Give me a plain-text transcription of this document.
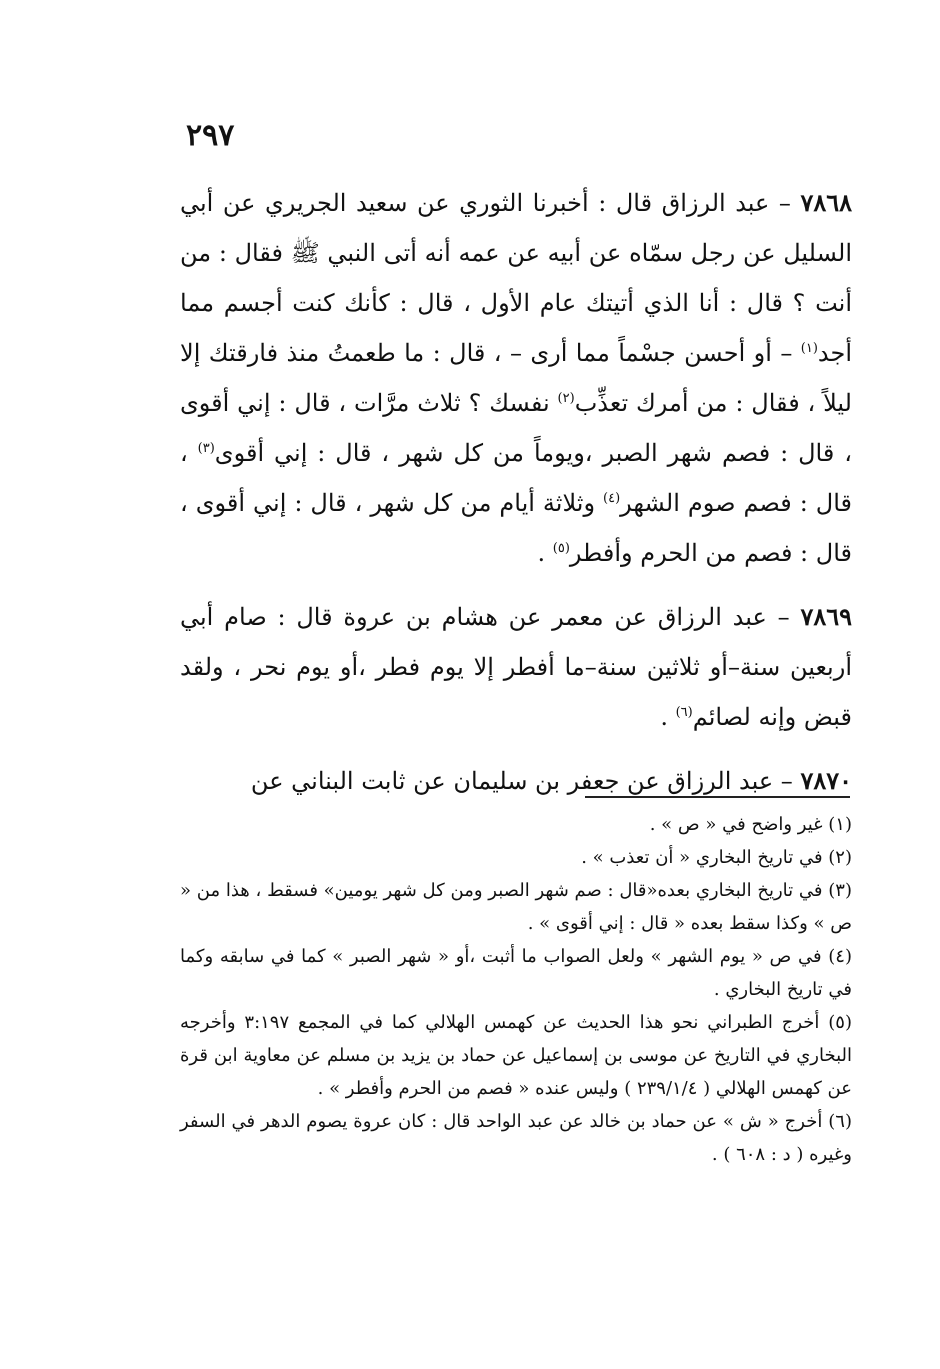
٢٩٧

٧٨٦٨ – عبد الرزاق قال : أخبرنا الثوري عن سعيد الجريري عن أبي السليل عن رجل سمّاه عن أبيه عن عمه أنه أتى النبي ﷺ فقال : من أنت ؟ قال : أنا الذي أتيتك عام الأول ، قال : كأنك كنت أجسم مما أجد$^{(١)}$ – أو أحسن جسْماً مما أرى – ، قال : ما طعمتُ منذ فارقتك إلا ليلاً ، فقال : من أمرك تعذِّب$^{(٢)}$ نفسك ؟ ثلاث مرَّات ، قال : إني أقوى ، قال : فصم شهر الصبر ،ويوماً من كل شهر ، قال : إني أقوى$^{(٣)}$ ، قال : فصم صوم الشهر$^{(٤)}$ وثلاثة أيام من كل شهر ، قال : إني أقوى ، قال : فصم من الحرم وأفطر$^{(٥)}$ .

٧٨٦٩ – عبد الرزاق عن معمر عن هشام بن عروة قال : صام أبي أربعين سنة–أو ثلاثين سنة–ما أفطر إلا يوم فطر ،أو يوم نحر ، ولقد قبض وإنه لصائم$^{(٦)}$ .

٧٨٧٠ – عبد الرزاق عن جعفر بن سليمان عن ثابت البناني عن

(١) غير واضح في « ص » .

(٢) في تاريخ البخاري « أن تعذب » .

(٣) في تاريخ البخاري بعده«قال : صم شهر الصبر ومن كل شهر يومين» فسقط ، هذا من « ص » وكذا سقط بعده « قال : إني أقوى » .

(٤) في ص « يوم الشهر » ولعل الصواب ما أثبت ،أو « شهر الصبر » كما في سابقه وكما في تاريخ البخاري .

(٥) أخرج الطبراني نحو هذا الحديث عن كهمس الهلالي كما في المجمع ٣:١٩٧ وأخرجه البخاري في التاريخ عن موسى بن إسماعيل عن حماد بن يزيد بن مسلم عن معاوية ابن قرة عن كهمس الهلالي ( ٢٣٩/١/٤ ) وليس عنده « فصم من الحرم وأفطر » .

(٦) أخرج « ش » عن حماد بن خالد عن عبد الواحد قال : كان عروة يصوم الدهر في السفر وغيره ( د : ٦٠٨ ) .
